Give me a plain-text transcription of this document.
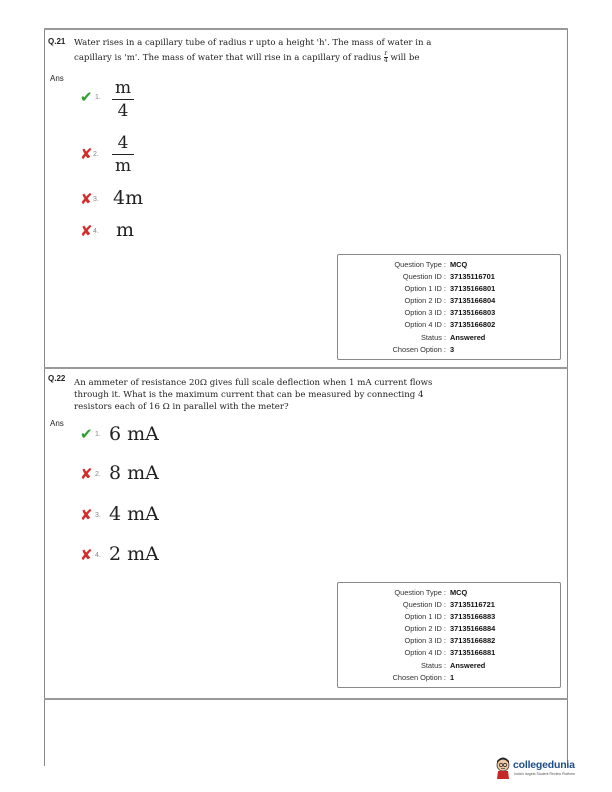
Q.21 Water rises in a capillary tube of radius r upto a height 'h'. The mass of water in a
capillary is 'm'. The mass of water that will rise in a capillary of radius $\frac{r}{4}$ will be
Ans
✔ 1. m
4
✘ 2.
4
m
✘ 3. 4m
✘ 4. m
Question Type : MCQ
Question ID : 37135116701
Option 1 ID : 37135166801
Option 2 ID : 37135166804
Option 3 ID : 37135166803
Option 4 ID : 37135166802
Status : Answered
Chosen Option : 3
Q.22 An ammeter of resistance 20Ω gives full scale deflection when 1 mA current flows
through it. What is the maximum current that can be measured by connecting 4
resistors each of 16 Ω in parallel with the meter?
Ans
✔ 1. 6 mA
✘ 2. 8 mA
✘ 3. 4 mA
✘ 4. 2 mA
Question Type : MCQ
Question ID : 37135116721
Option 1 ID : 37135166883
Option 2 ID : 37135166884
Option 3 ID : 37135166882
Option 4 ID : 37135166881
Status : Answered
Chosen Option : 1
collegedunia
India's largest Student Review Platform
